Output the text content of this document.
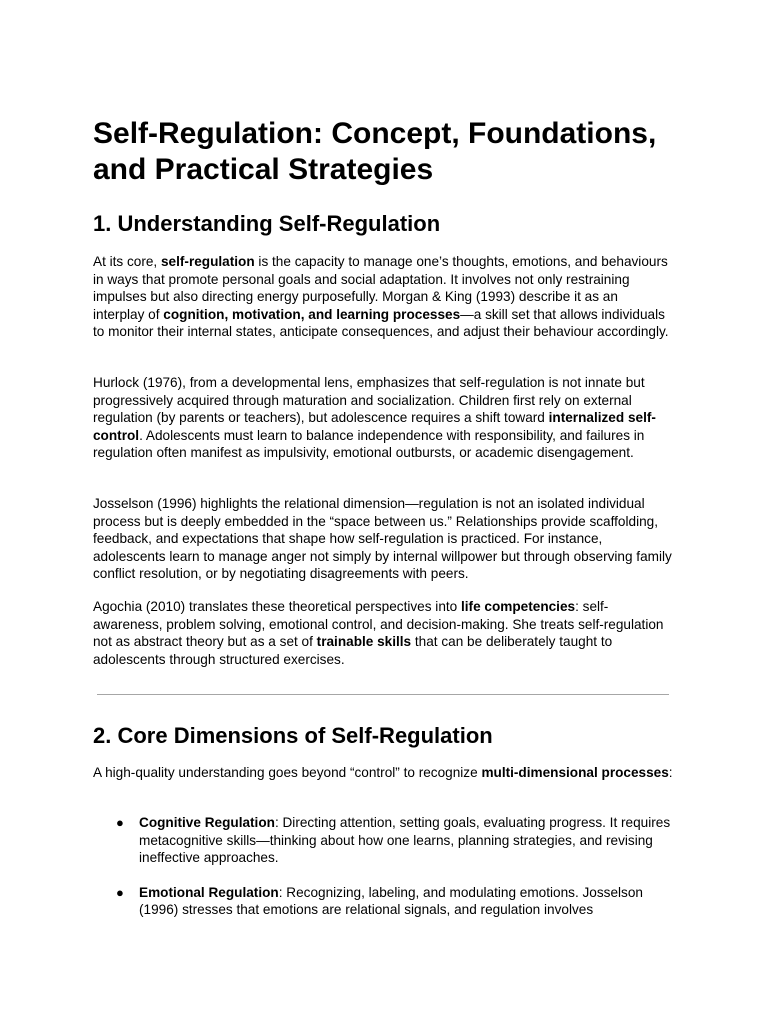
Self-Regulation: Concept, Foundations, and Practical Strategies
1. Understanding Self-Regulation

At its core, self-regulation is the capacity to manage one’s thoughts, emotions, and behaviours in ways that promote personal goals and social adaptation. It involves not only restraining impulses but also directing energy purposefully. Morgan & King (1993) describe it as an interplay of cognition, motivation, and learning processes—a skill set that allows individuals to monitor their internal states, anticipate consequences, and adjust their behaviour accordingly.

Hurlock (1976), from a developmental lens, emphasizes that self-regulation is not innate but progressively acquired through maturation and socialization. Children first rely on external regulation (by parents or teachers), but adolescence requires a shift toward internalized self-control. Adolescents must learn to balance independence with responsibility, and failures in regulation often manifest as impulsivity, emotional outbursts, or academic disengagement.

Josselson (1996) highlights the relational dimension—regulation is not an isolated individual process but is deeply embedded in the “space between us.” Relationships provide scaffolding, feedback, and expectations that shape how self-regulation is practiced. For instance, adolescents learn to manage anger not simply by internal willpower but through observing family conflict resolution, or by negotiating disagreements with peers.

Agochia (2010) translates these theoretical perspectives into life competencies: self-awareness, problem solving, emotional control, and decision-making. She treats self-regulation not as abstract theory but as a set of trainable skills that can be deliberately taught to adolescents through structured exercises.

2. Core Dimensions of Self-Regulation

A high-quality understanding goes beyond “control” to recognize multi-dimensional processes:

● Cognitive Regulation: Directing attention, setting goals, evaluating progress. It requires metacognitive skills—thinking about how one learns, planning strategies, and revising ineffective approaches.
● Emotional Regulation: Recognizing, labeling, and modulating emotions. Josselson (1996) stresses that emotions are relational signals, and regulation involves
